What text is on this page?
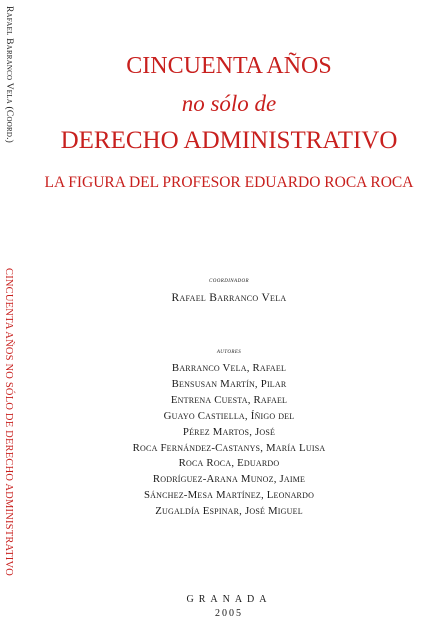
Rafael Barranco Vela (Coord.)
CINCUENTA AÑOS NO SÓLO DE DERECHO ADMINISTRATIVO
CINCUENTA AÑOS
no sólo de
DERECHO ADMINISTRATIVO
LA FIGURA DEL PROFESOR EDUARDO ROCA ROCA
coordinador
Rafael Barranco Vela
autores
Barranco Vela, Rafael
Bensusan Martín, Pilar
Entrena Cuesta, Rafael
Guayo Castiella, Íñigo del
Pérez Martos, José
Roca Fernández-Castanys, María Luisa
Roca Roca, Eduardo
Rodríguez-Arana Munoz, Jaime
Sánchez-Mesa Martínez, Leonardo
Zugaldía Espinar, José Miguel
GRANADA
2005
